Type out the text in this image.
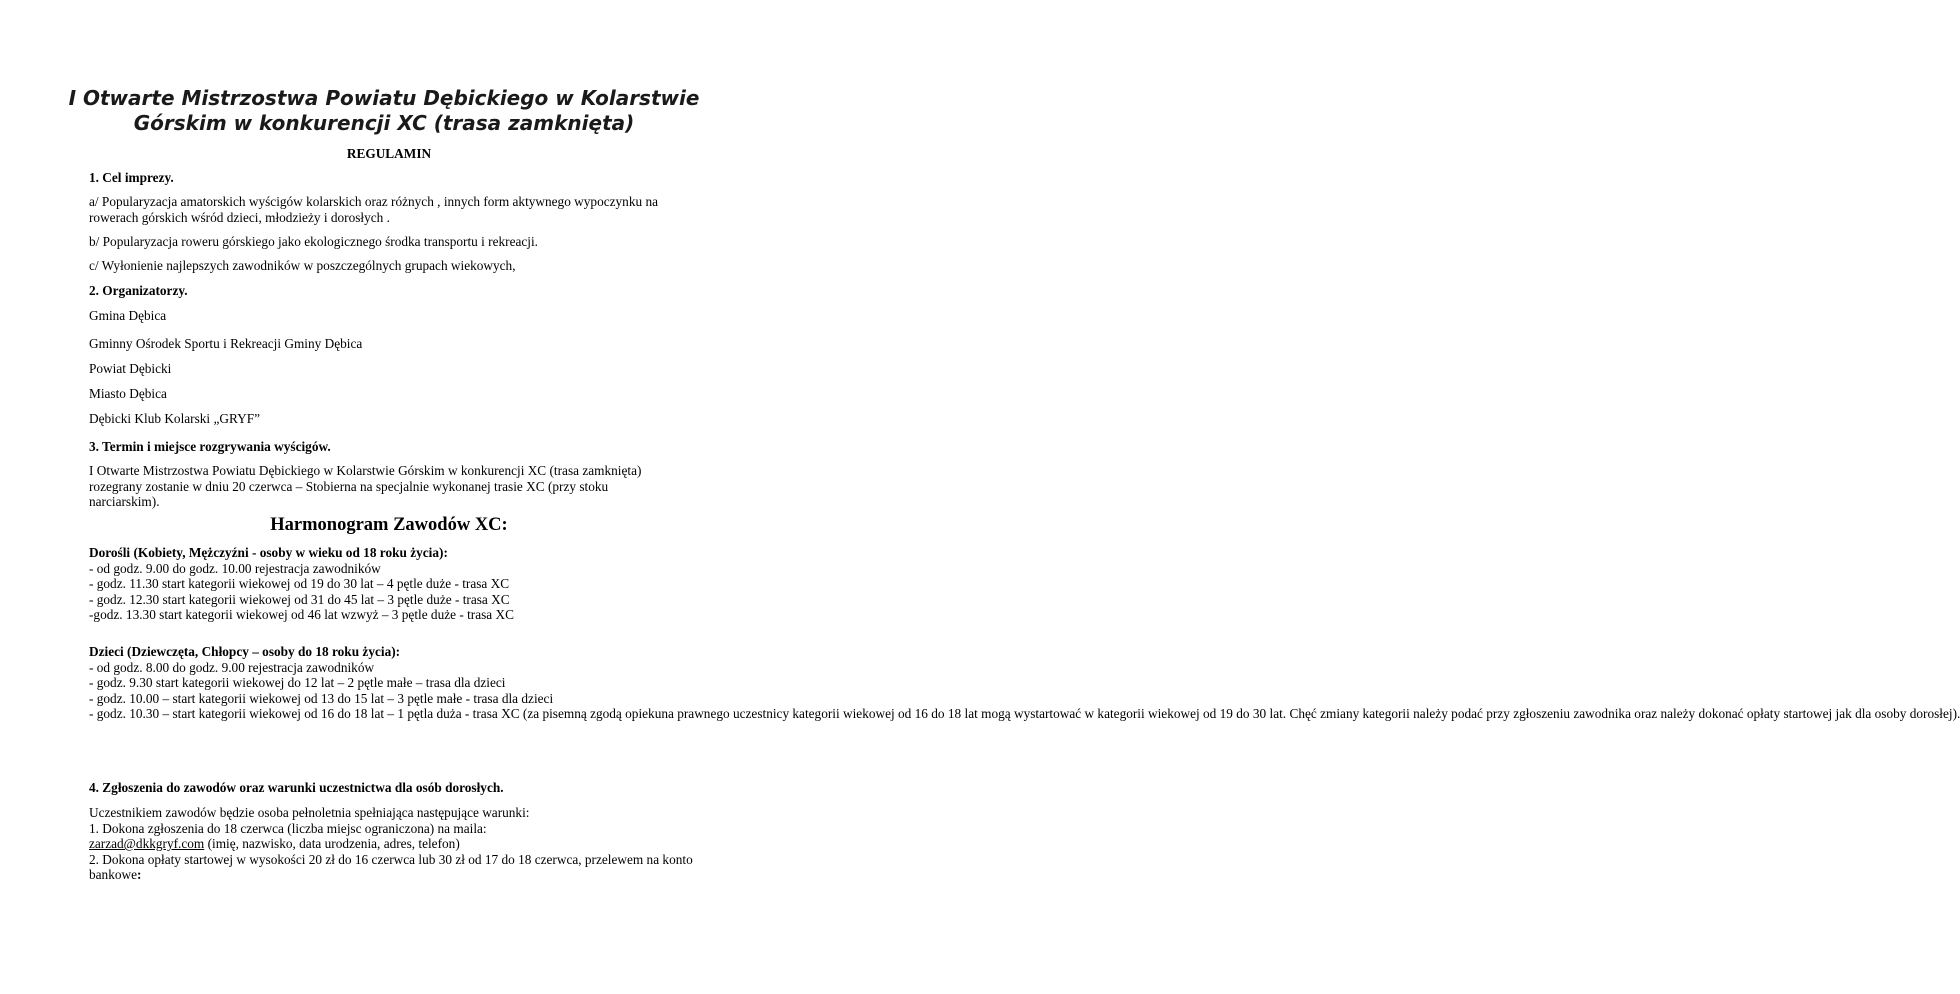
I Otwarte Mistrzostwa Powiatu Dębickiego w Kolarstwie
Górskim w konkurencji XC (trasa zamknięta)
REGULAMIN
1. Cel imprezy.
a/ Popularyzacja amatorskich wyścigów kolarskich oraz różnych , innych form aktywnego wypoczynku na rowerach górskich wśród dzieci, młodzieży i dorosłych .
b/ Popularyzacja roweru górskiego jako ekologicznego środka transportu i rekreacji.
c/ Wyłonienie najlepszych zawodników w poszczególnych grupach wiekowych,
2. Organizatorzy.
Gmina Dębica
Gminny Ośrodek Sportu i Rekreacji Gminy Dębica
Powiat Dębicki
Miasto Dębica
Dębicki Klub Kolarski „GRYF”
3. Termin i miejsce rozgrywania wyścigów.
I Otwarte Mistrzostwa Powiatu Dębickiego w Kolarstwie Górskim w konkurencji XC (trasa zamknięta) rozegrany zostanie w dniu 20 czerwca – Stobierna na specjalnie wykonanej trasie XC (przy stoku narciarskim).
Harmonogram Zawodów XC:
Dorośli (Kobiety, Mężczyźni - osoby w wieku od 18 roku życia):
- od godz. 9.00 do godz. 10.00 rejestracja zawodników
- godz. 11.30 start kategorii wiekowej od 19 do 30 lat – 4 pętle duże - trasa XC
- godz. 12.30 start kategorii wiekowej od 31 do 45 lat – 3 pętle duże - trasa XC
-godz. 13.30 start kategorii wiekowej od 46 lat wzwyż – 3 pętle duże - trasa XC
Dzieci (Dziewczęta, Chłopcy – osoby do 18 roku życia):
- od godz. 8.00 do godz. 9.00 rejestracja zawodników
- godz. 9.30 start kategorii wiekowej do 12 lat – 2 pętle małe – trasa dla dzieci
- godz. 10.00 – start kategorii wiekowej od 13 do 15 lat – 3 pętle małe - trasa dla dzieci
- godz. 10.30 – start kategorii wiekowej od 16 do 18 lat – 1 pętla duża - trasa XC (za pisemną zgodą opiekuna prawnego uczestnicy kategorii wiekowej od 16 do 18 lat mogą wystartować w kategorii wiekowej od 19 do 30 lat. Chęć zmiany kategorii należy podać przy zgłoszeniu zawodnika oraz należy dokonać opłaty startowej jak dla osoby dorosłej).
4. Zgłoszenia do zawodów oraz warunki uczestnictwa dla osób dorosłych.
Uczestnikiem zawodów będzie osoba pełnoletnia spełniająca następujące warunki:
1. Dokona zgłoszenia do 18 czerwca (liczba miejsc ograniczona) na maila:
zarzad@dkkgryf.com (imię, nazwisko, data urodzenia, adres, telefon)
2. Dokona opłaty startowej w wysokości 20 zł do 16 czerwca lub 30 zł od 17 do 18 czerwca, przelewem na konto bankowe:
